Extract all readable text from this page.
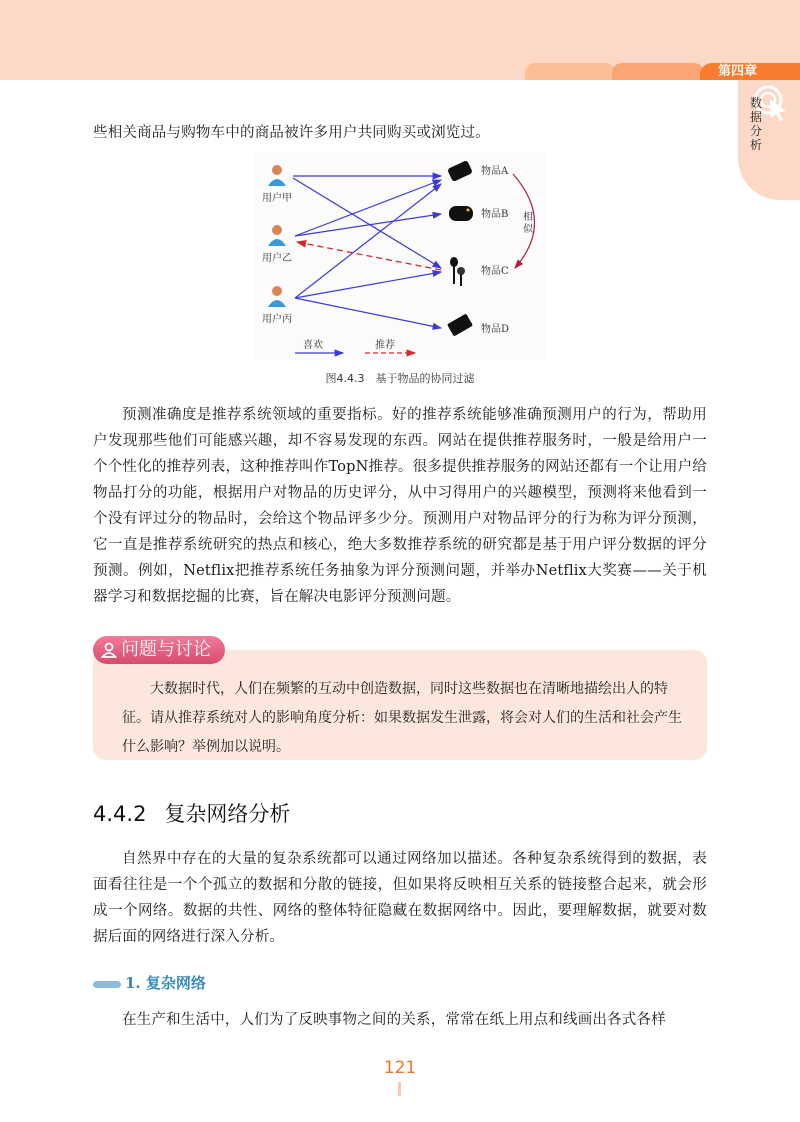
第四章
数据分析
些相关商品与购物车中的商品被许多用户共同购买或浏览过。
用户甲
用户乙
用户丙
物品A
物品B
物品C
物品D
相
似
喜欢	推荐
图4.4.3　基于物品的协同过滤
预测准确度是推荐系统领域的重要指标。好的推荐系统能够准确预测用户的行为，帮助用户发现那些他们可能感兴趣，却不容易发现的东西。网站在提供推荐服务时，一般是给用户一个个性化的推荐列表，这种推荐叫作TopN推荐。很多提供推荐服务的网站还都有一个让用户给物品打分的功能，根据用户对物品的历史评分，从中习得用户的兴趣模型，预测将来他看到一个没有评过分的物品时，会给这个物品评多少分。预测用户对物品评分的行为称为评分预测，它一直是推荐系统研究的热点和核心，绝大多数推荐系统的研究都是基于用户评分数据的评分预测。例如，Netflix把推荐系统任务抽象为评分预测问题，并举办Netflix大奖赛——关于机器学习和数据挖掘的比赛，旨在解决电影评分预测问题。
问题与讨论
大数据时代，人们在频繁的互动中创造数据，同时这些数据也在清晰地描绘出人的特征。请从推荐系统对人的影响角度分析：如果数据发生泄露，将会对人们的生活和社会产生什么影响？举例加以说明。
4.4.2 复杂网络分析
自然界中存在的大量的复杂系统都可以通过网络加以描述。各种复杂系统得到的数据，表面看往往是一个个孤立的数据和分散的链接，但如果将反映相互关系的链接整合起来，就会形成一个网络。数据的共性、网络的整体特征隐藏在数据网络中。因此，要理解数据，就要对数据后面的网络进行深入分析。
1. 复杂网络
在生产和生活中，人们为了反映事物之间的关系，常常在纸上用点和线画出各式各样
121
